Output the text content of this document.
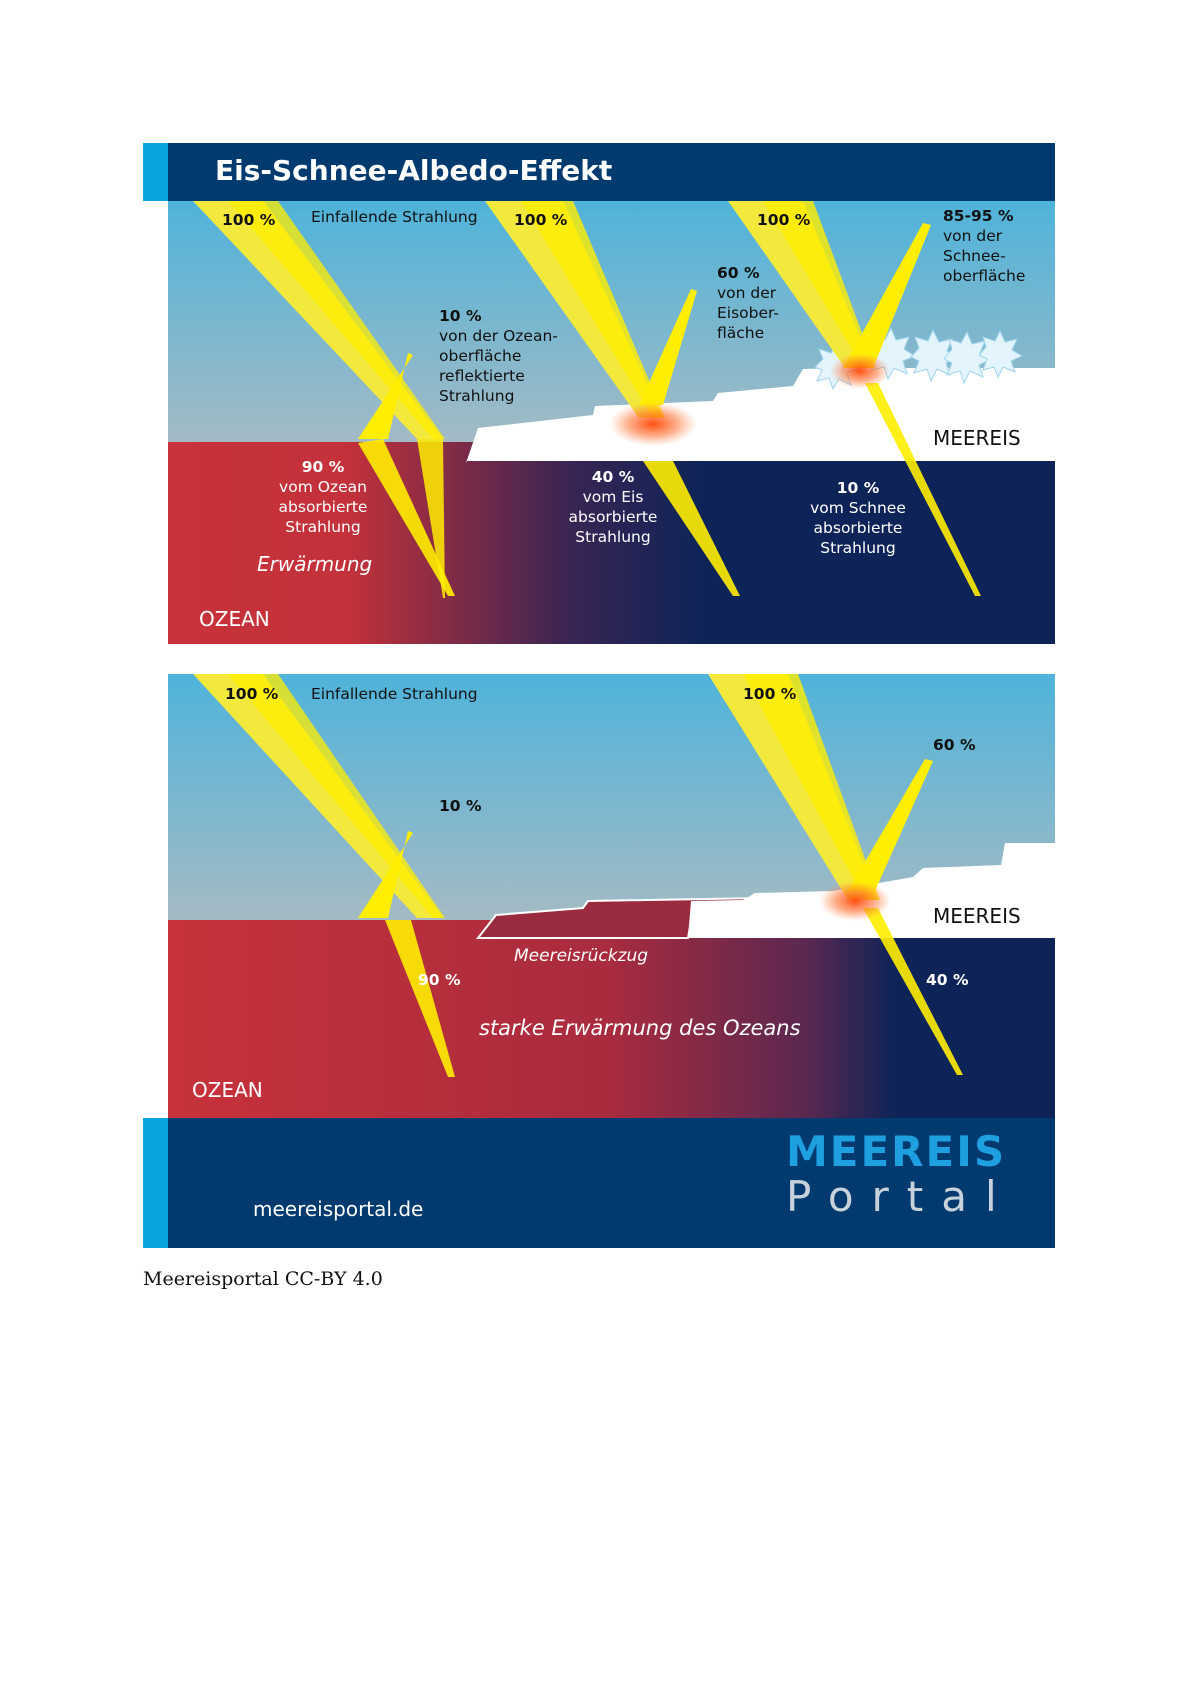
Eis-Schnee-Albedo-Effekt
100 % Einfallende Strahlung 100 %	100 %
10 %
von der Ozean-
oberfläche
reflektierte
Strahlung
60 %
von der
Eisober-
fläche
85-95 %
von der
Schnee-
oberfläche
MEEREIS
90 %
vom Ozean
absorbierte
Strahlung
40 %
vom Eis
absorbierte
Strahlung
10 %
vom Schnee
absorbierte
Strahlung
Erwärmung
OZEAN
100 % Einfallende Strahlung	100 %
10 %
60 %
MEEREIS
Meereisrückzug
90 %	40 %
starke Erwärmung des Ozeans
OZEAN
meereisportal.de
MEEREIS
Portal
Meereisportal CC-BY 4.0
